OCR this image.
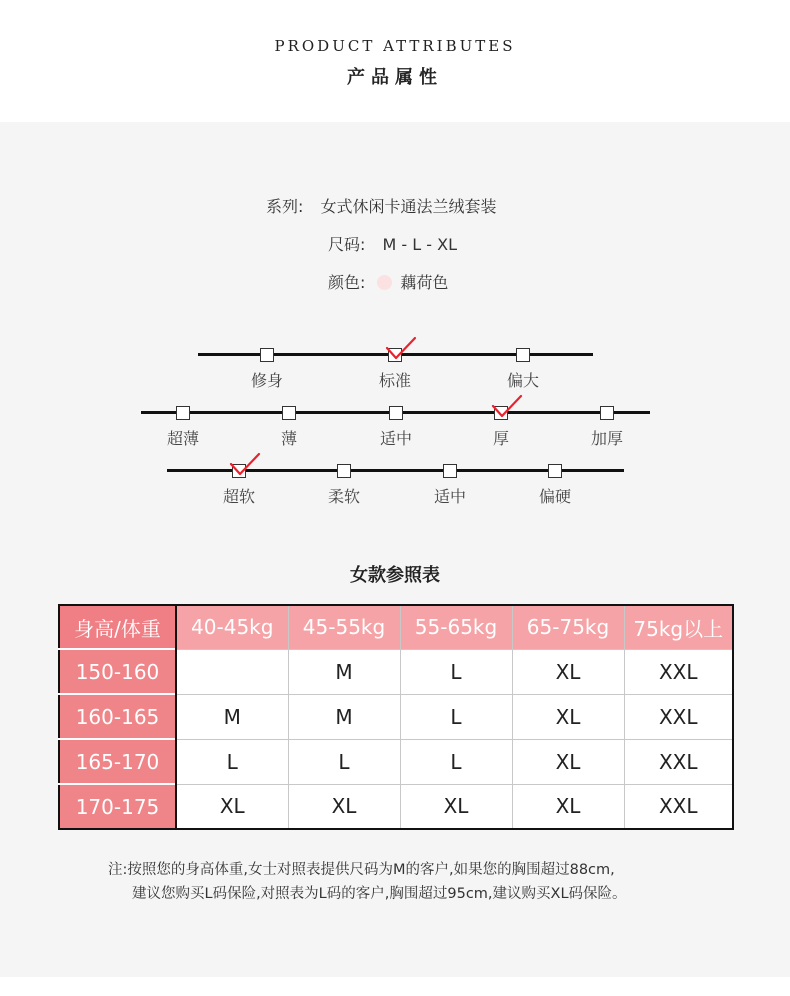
PRODUCT ATTRIBUTES
产品属性
系列: 女式休闲卡通法兰绒套装
尺码: M - L - XL
颜色: 藕荷色
修身	标准	偏大
超薄	薄	适中	厚	加厚
超软	柔软	适中	偏硬
女款参照表
身高/体重	40-45kg	45-55kg	55-65kg	65-75kg	75kg以上
150-160		M	L	XL	XXL
160-165	M	M	L	XL	XXL
165-170	L	L	L	XL	XXL
170-175	XL	XL	XL	XL	XXL
注:按照您的身高体重,女士对照表提供尺码为M的客户,如果您的胸围超过88cm,
建议您购买L码保险,对照表为L码的客户,胸围超过95cm,建议购买XL码保险。
